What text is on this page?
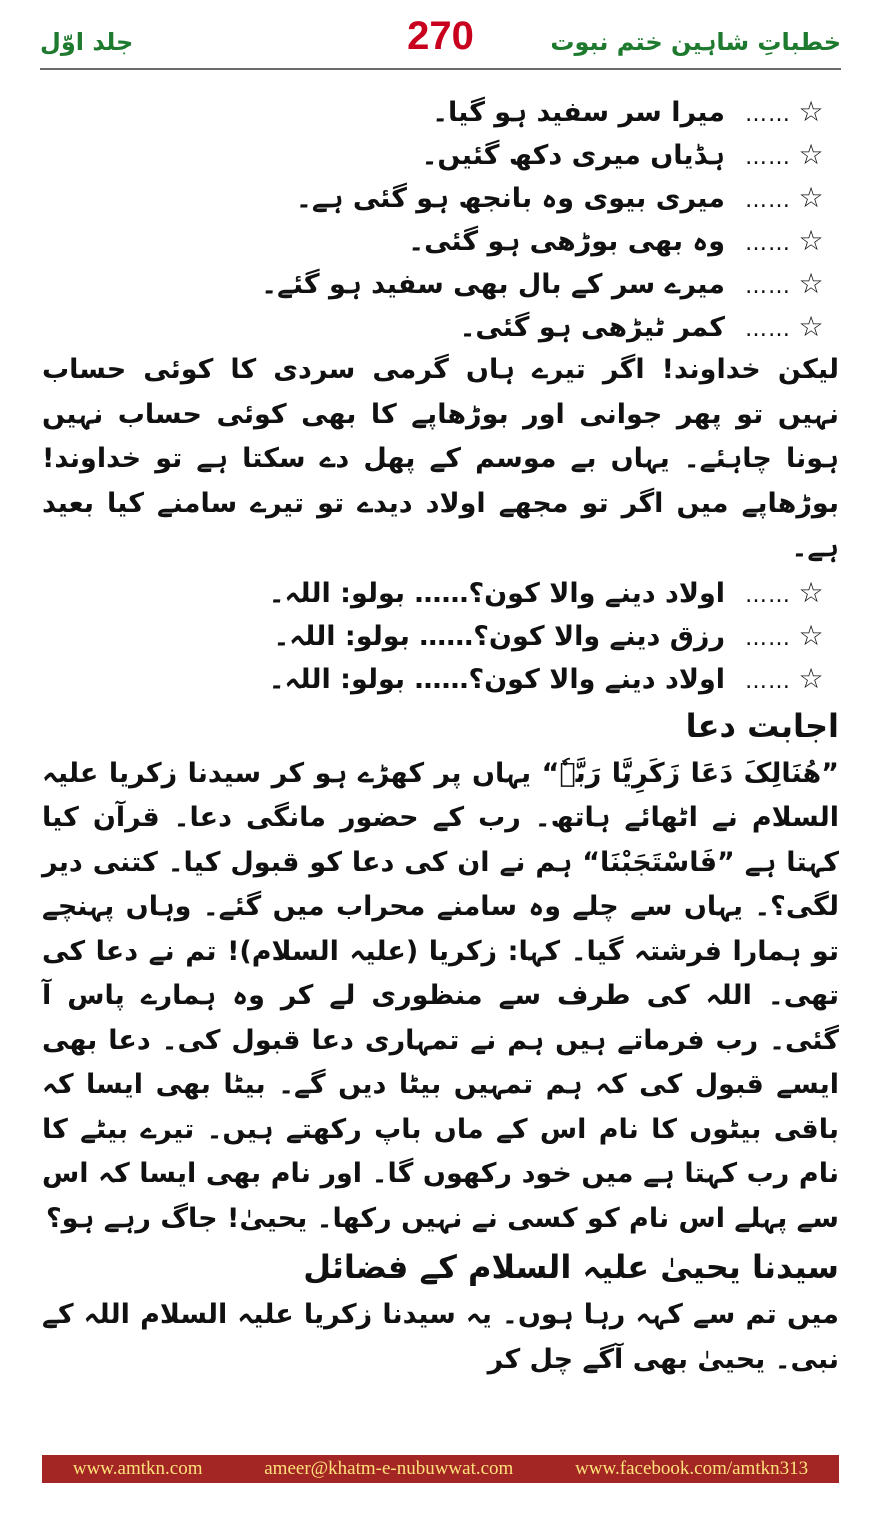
جلد اوّل	270	خطباتِ شاہین ختم نبوت
☆……میرا سر سفید ہو گیا۔
☆……ہڈیاں میری دکھ گئیں۔
☆……میری بیوی وہ بانجھ ہو گئی ہے۔
☆……وہ بھی بوڑھی ہو گئی۔
☆……میرے سر کے بال بھی سفید ہو گئے۔
☆……کمر ٹیڑھی ہو گئی۔

لیکن خداوند! اگر تیرے ہاں گرمی سردی کا کوئی حساب نہیں تو پھر جوانی اور بوڑھاپے کا بھی کوئی حساب نہیں ہونا چاہئے۔ یہاں بے موسم کے پھل دے سکتا ہے تو خداوند! بوڑھاپے میں اگر تو مجھے اولاد دیدے تو تیرے سامنے کیا بعید ہے۔

☆……اولاد دینے والا کون؟…… بولو: اللہ۔
☆……رزق دینے والا کون؟…… بولو: اللہ۔
☆……اولاد دینے والا کون؟…… بولو: اللہ۔
اجابت دعا

”ھُنَالِکَ دَعَا زَکَرِیَّا رَبَّہٗ“ یہاں پر کھڑے ہو کر سیدنا زکریا علیہ السلام نے اٹھائے ہاتھ۔ رب کے حضور مانگی دعا۔ قرآن کیا کہتا ہے ”فَاسْتَجَبْنَا“ ہم نے ان کی دعا کو قبول کیا۔ کتنی دیر لگی؟۔ یہاں سے چلے وہ سامنے محراب میں گئے۔ وہاں پہنچے تو ہمارا فرشتہ گیا۔ کہا: زکریا (علیہ السلام)! تم نے دعا کی تھی۔ اللہ کی طرف سے منظوری لے کر وہ ہمارے پاس آ گئی۔ رب فرماتے ہیں ہم نے تمہاری دعا قبول کی۔ دعا بھی ایسے قبول کی کہ ہم تمہیں بیٹا دیں گے۔ بیٹا بھی ایسا کہ باقی بیٹوں کا نام اس کے ماں باپ رکھتے ہیں۔ تیرے بیٹے کا نام رب کہتا ہے میں خود رکھوں گا۔ اور نام بھی ایسا کہ اس سے پہلے اس نام کو کسی نے نہیں رکھا۔ یحییٰ! جاگ رہے ہو؟

سیدنا یحییٰ علیہ السلام کے فضائل

میں تم سے کہہ رہا ہوں۔ یہ سیدنا زکریا علیہ السلام اللہ کے نبی۔ یحییٰ بھی آگے چل کر

www.amtkn.com	ameer@khatm-e-nubuwwat.com	www.facebook.com/amtkn313
